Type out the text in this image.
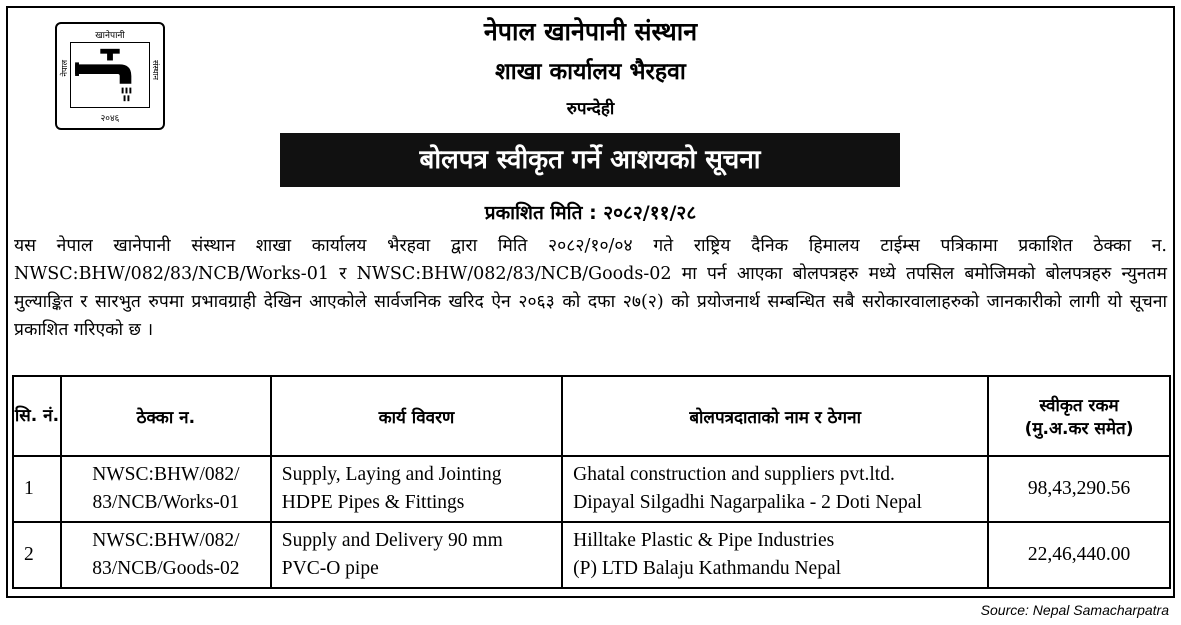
खानेपानी
नेपाल	संस्थान
२०४६
नेपाल खानेपानी संस्थान
शाखा कार्यालय भैरहवा
रुपन्देही
बोलपत्र स्वीकृत गर्ने आशयको सूचना
प्रकाशित मिति : २०८२/११/२८
यस नेपाल खानेपानी संस्थान शाखा कार्यालय भैरहवा द्वारा मिति २०८२/१०/०४ गते राष्ट्रिय दैनिक हिमालय टाईम्स पत्रिकामा प्रकाशित ठेक्का न. NWSC:BHW/082/83/NCB/Works-01 र NWSC:BHW/082/83/NCB/Goods-02 मा पर्न आएका बोलपत्रहरु मध्ये तपसिल बमोजिमको बोलपत्रहरु न्युनतम मुल्याङ्कित र सारभुत रुपमा प्रभावग्राही देखिन आएकोले सार्वजनिक खरिद ऐन २०६३ को दफा २७(२) को प्रयोजनार्थ सम्बन्धित सबै सरोकारवालाहरुको जानकारीको लागी यो सूचना प्रकाशित गरिएको छ ।
सि. नं.	ठेक्का न.	कार्य विवरण	बोलपत्रदाताको नाम र ठेगना	स्वीकृत रकम
(मु.अ.कर समेत)

1	NWSC:BHW/082/ 83/NCB/Works-01	Supply, Laying and Jointing HDPE Pipes & Fittings	Ghatal construction and suppliers pvt.ltd.
Dipayal Silgadhi Nagarpalika - 2 Doti Nepal	98,43,290.56
2	NWSC:BHW/082/ 83/NCB/Goods-02	Supply and Delivery 90 mm PVC-O pipe	Hilltake Plastic & Pipe Industries
(P) LTD Balaju Kathmandu Nepal	22,46,440.00
Source: Nepal Samacharpatra
